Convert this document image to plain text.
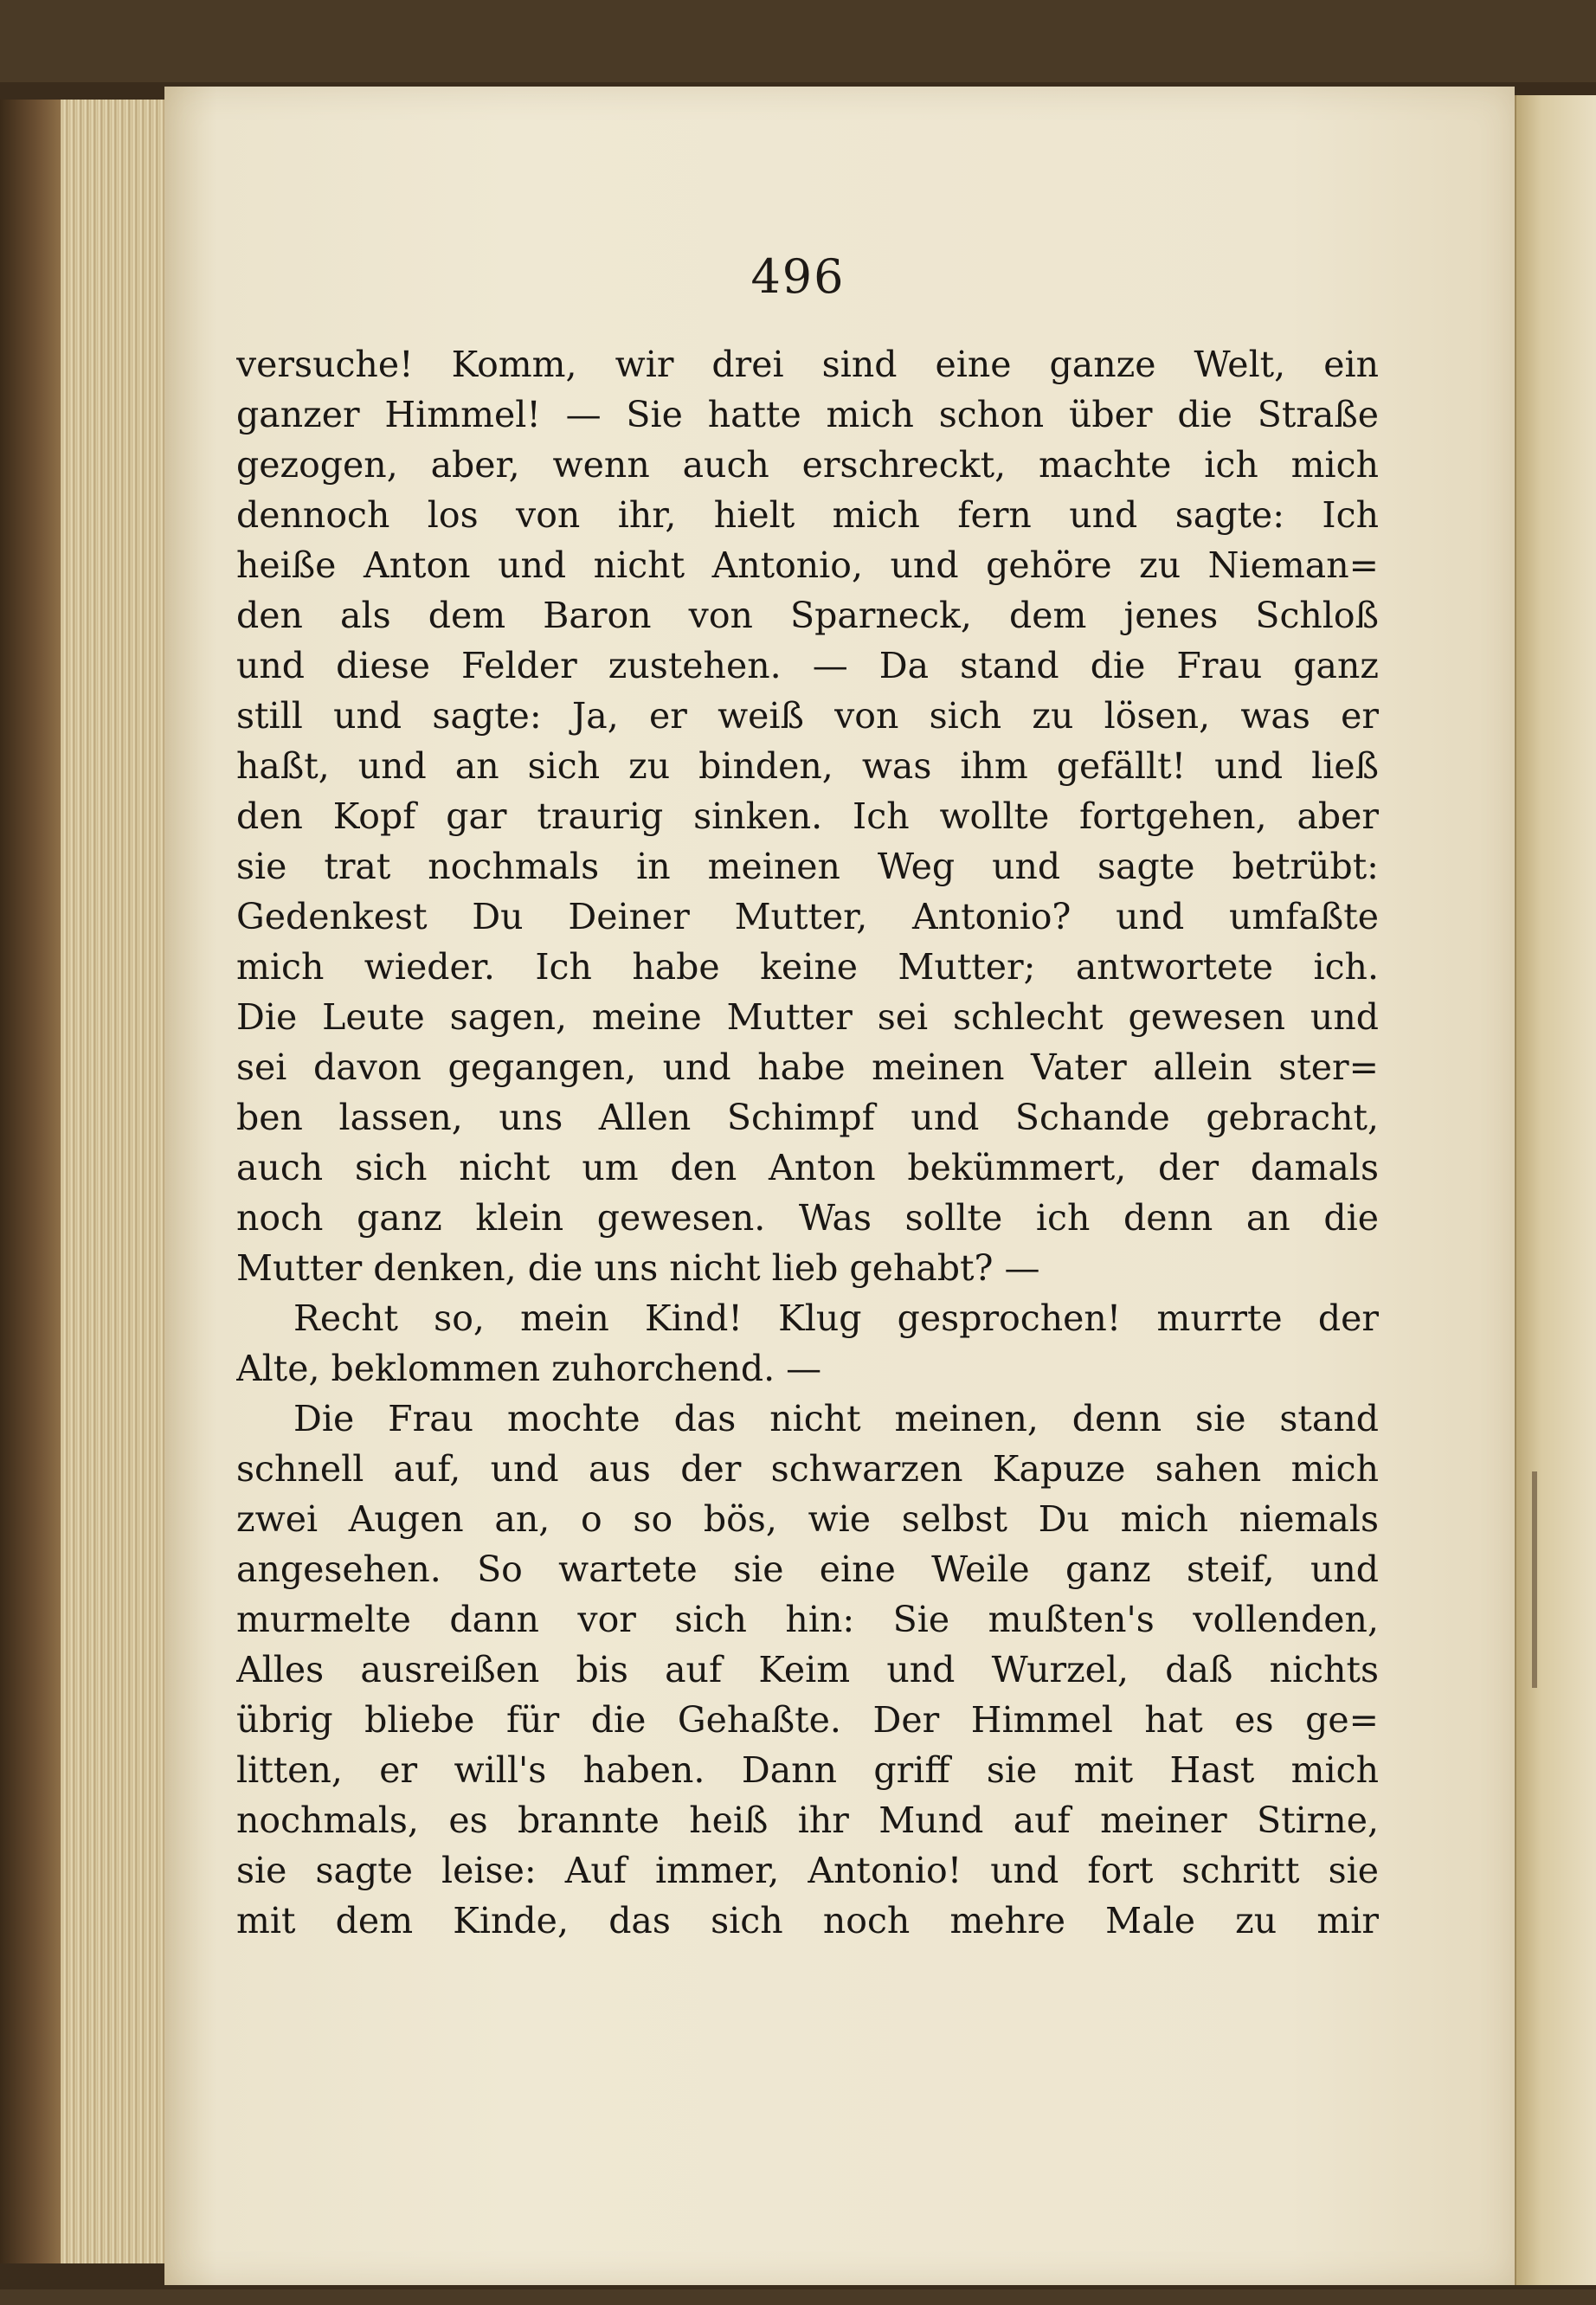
496
versuche! Komm, wir drei sind eine ganze Welt, ein
ganzer Himmel! — Sie hatte mich schon über die Straße
gezogen, aber, wenn auch erschreckt, machte ich mich
dennoch los von ihr, hielt mich fern und sagte: Ich
heiße Anton und nicht Antonio, und gehöre zu Nieman=
den als dem Baron von Sparneck, dem jenes Schloß
und diese Felder zustehen. — Da stand die Frau ganz
still und sagte: Ja, er weiß von sich zu lösen, was er
haßt, und an sich zu binden, was ihm gefällt! und ließ
den Kopf gar traurig sinken. Ich wollte fortgehen, aber
sie trat nochmals in meinen Weg und sagte betrübt:
Gedenkest Du Deiner Mutter, Antonio? und umfaßte
mich wieder. Ich habe keine Mutter; antwortete ich.
Die Leute sagen, meine Mutter sei schlecht gewesen und
sei davon gegangen, und habe meinen Vater allein ster=
ben lassen, uns Allen Schimpf und Schande gebracht,
auch sich nicht um den Anton bekümmert, der damals
noch ganz klein gewesen. Was sollte ich denn an die
Mutter denken, die uns nicht lieb gehabt? —
Recht so, mein Kind! Klug gesprochen! murrte der
Alte, beklommen zuhorchend. —
Die Frau mochte das nicht meinen, denn sie stand
schnell auf, und aus der schwarzen Kapuze sahen mich
zwei Augen an, o so bös, wie selbst Du mich niemals
angesehen. So wartete sie eine Weile ganz steif, und
murmelte dann vor sich hin: Sie mußten's vollenden,
Alles ausreißen bis auf Keim und Wurzel, daß nichts
übrig bliebe für die Gehaßte. Der Himmel hat es ge=
litten, er will's haben. Dann griff sie mit Hast mich
nochmals, es brannte heiß ihr Mund auf meiner Stirne,
sie sagte leise: Auf immer, Antonio! und fort schritt sie
mit dem Kinde, das sich noch mehre Male zu mir
